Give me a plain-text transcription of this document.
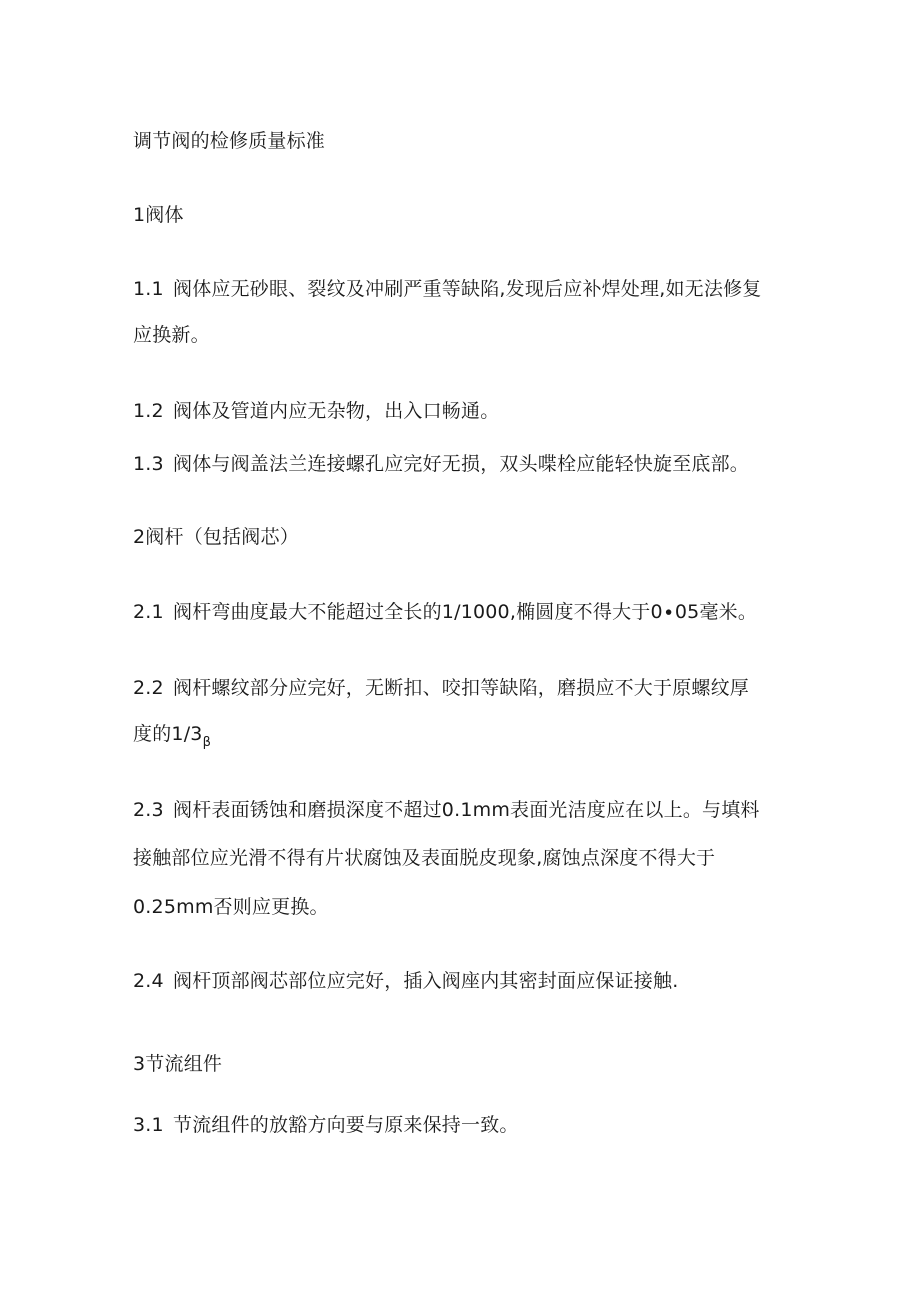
调节阀的检修质量标准
1阀体
1.1 阀体应无砂眼、裂纹及冲刷严重等缺陷,发现后应补焊处理,如无法修复
应换新。
1.2 阀体及管道内应无杂物，出入口畅通。
1.3 阀体与阀盖法兰连接螺孔应完好无损，双头喋栓应能轻快旋至底部。
2阀杆（包括阀芯）
2.1 阀杆弯曲度最大不能超过全长的1/1000,椭圆度不得大于0∙05毫米。
2.2 阀杆螺纹部分应完好，无断扣、咬扣等缺陷，磨损应不大于原螺纹厚
度的$1/3_\beta$
2.3 阀杆表面锈蚀和磨损深度不超过0.1mm表面光洁度应在以上。与填料
接触部位应光滑不得有片状腐蚀及表面脱皮现象,腐蚀点深度不得大于
0.25mm否则应更换。
2.4 阀杆顶部阀芯部位应完好，插入阀座内其密封面应保证接触.
3节流组件
3.1 节流组件的放豁方向要与原来保持一致。
